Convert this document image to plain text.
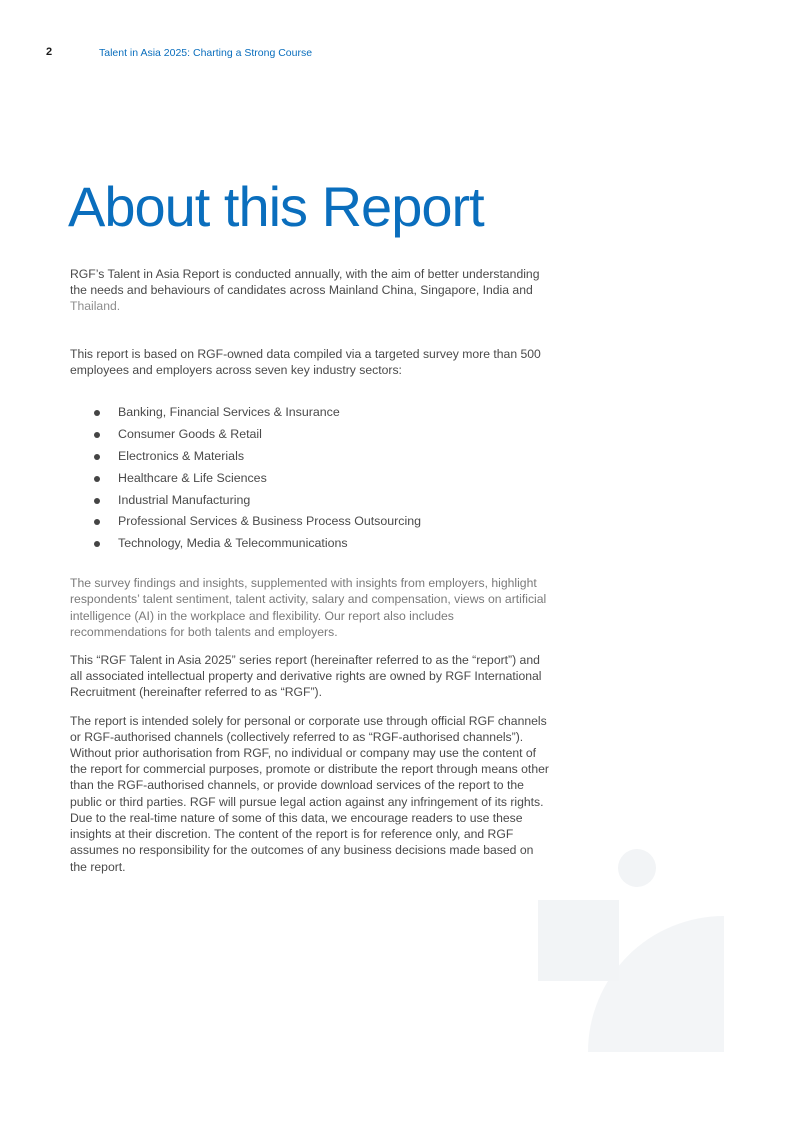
2	Talent in Asia 2025: Charting a Strong Course
About this Report

RGF’s Talent in Asia Report is conducted annually, with the aim of better understanding the needs and behaviours of candidates across Mainland China, Singapore, India and Thailand.

This report is based on RGF-owned data compiled via a targeted survey more than 500 employees and employers across seven key industry sectors:

Banking, Financial Services & Insurance
Consumer Goods & Retail
Electronics & Materials
Healthcare & Life Sciences
Industrial Manufacturing
Professional Services & Business Process Outsourcing
Technology, Media & Telecommunications

The survey findings and insights, supplemented with insights from employers, highlight respondents’ talent sentiment, talent activity, salary and compensation, views on artificial intelligence (AI) in the workplace and flexibility. Our report also includes recommendations for both talents and employers.

This “RGF Talent in Asia 2025” series report (hereinafter referred to as the “report”) and all associated intellectual property and derivative rights are owned by RGF International Recruitment (hereinafter referred to as “RGF”).

The report is intended solely for personal or corporate use through official RGF channels or RGF-authorised channels (collectively referred to as “RGF-authorised channels”). Without prior authorisation from RGF, no individual or company may use the content of the report for commercial purposes, promote or distribute the report through means other than the RGF-authorised channels, or provide download services of the report to the public or third parties. RGF will pursue legal action against any infringement of its rights. Due to the real-time nature of some of this data, we encourage readers to use these insights at their discretion. The content of the report is for reference only, and RGF assumes no responsibility for the outcomes of any business decisions made based on the report.
